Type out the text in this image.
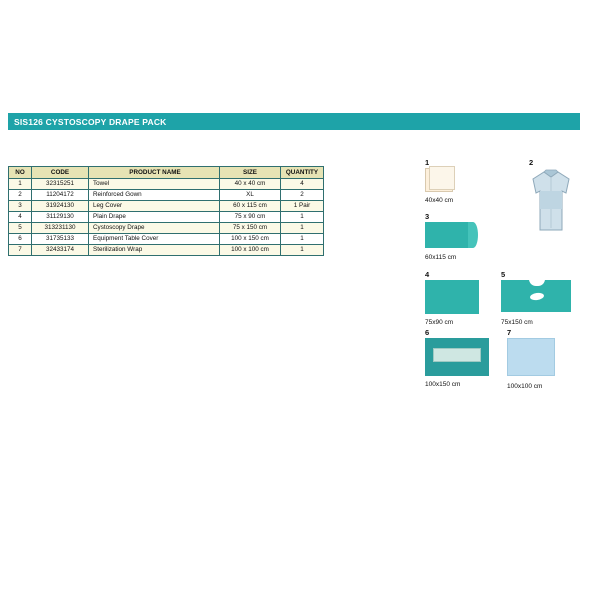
SIS126 CYSTOSCOPY DRAPE PACK
NO	CODE	PRODUCT NAME	SIZE	QUANTITY
1	32315251	Towel	40 x 40 cm	4
2	11204172	Reinforced Gown	XL	2
3	31924130	Leg Cover	60 x 115 cm	1 Pair
4	31129130	Plain Drape	75 x 90 cm	1
5	313231130	Cystoscopy Drape	75 x 150 cm	1
6	31735133	Equipment Table Cover	100 x 150 cm	1
7	32433174	Sterilization Wrap	100 x 100 cm	1
1
40x40 cm
2
3
60x115 cm
4
75x90 cm
5
75x150 cm
6
100x150 cm
7
100x100 cm
